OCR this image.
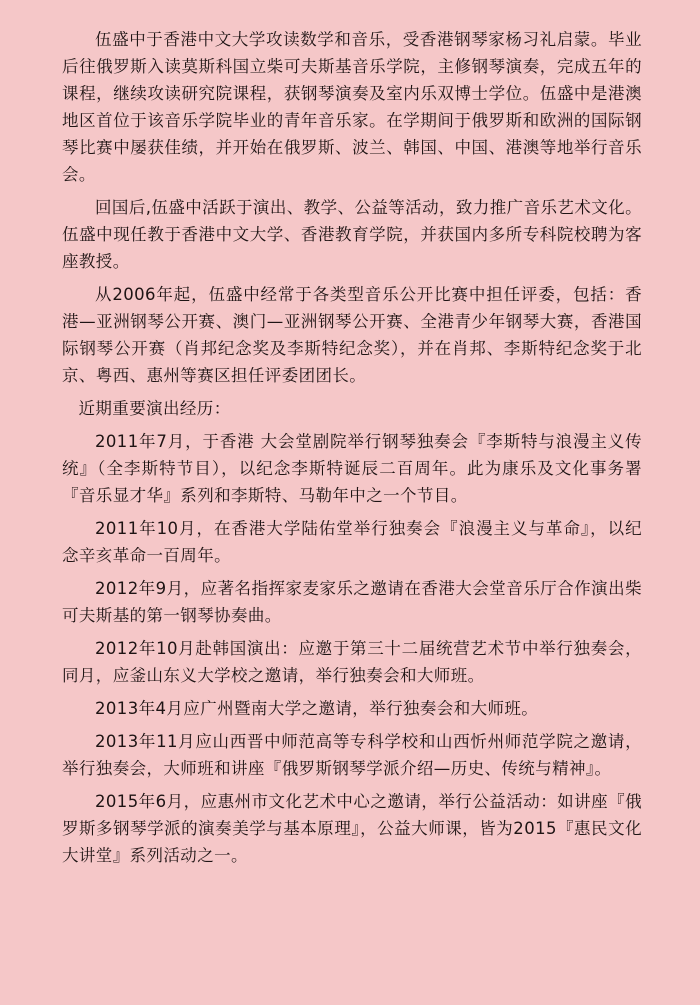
伍盛中于香港中文大学攻读数学和音乐，受香港钢琴家杨习礼启蒙。毕业后往俄罗斯入读莫斯科国立柴可夫斯基音乐学院，主修钢琴演奏，完成五年的课程，继续攻读研究院课程，获钢琴演奏及室内乐双博士学位。伍盛中是港澳地区首位于该音乐学院毕业的青年音乐家。在学期间于俄罗斯和欧洲的国际钢琴比赛中屡获佳绩，并开始在俄罗斯、波兰、韩国、中国、港澳等地举行音乐会。

回国后,伍盛中活跃于演出、教学、公益等活动，致力推广音乐艺术文化。伍盛中现任教于香港中文大学、香港教育学院，并获国内多所专科院校聘为客座教授。

从2006年起，伍盛中经常于各类型音乐公开比赛中担任评委，包括：香港—亚洲钢琴公开赛、澳门—亚洲钢琴公开赛、全港青少年钢琴大赛，香港国际钢琴公开赛（肖邦纪念奖及李斯特纪念奖），并在肖邦、李斯特纪念奖于北京、粤西、惠州等赛区担任评委团团长。

近期重要演出经历：

2011年7月，于香港 大会堂剧院举行钢琴独奏会『李斯特与浪漫主义传统』（全李斯特节目），以纪念李斯特诞辰二百周年。此为康乐及文化事务署『音乐显才华』系列和李斯特、马勒年中之一个节目。

2011年10月，在香港大学陆佑堂举行独奏会『浪漫主义与革命』，以纪念辛亥革命一百周年。

2012年9月，应著名指挥家麦家乐之邀请在香港大会堂音乐厅合作演出柴可夫斯基的第一钢琴协奏曲。

2012年10月赴韩国演出：应邀于第三十二届统营艺术节中举行独奏会，同月，应釜山东义大学校之邀请，举行独奏会和大师班。

2013年4月应广州暨南大学之邀请，举行独奏会和大师班。

2013年11月应山西晋中师范高等专科学校和山西忻州师范学院之邀请，举行独奏会，大师班和讲座『俄罗斯钢琴学派介绍—历史、传统与精神』。

2015年6月，应惠州市文化艺术中心之邀请，举行公益活动：如讲座『俄罗斯多钢琴学派的演奏美学与基本原理』，公益大师课，皆为2015『惠民文化大讲堂』系列活动之一。
